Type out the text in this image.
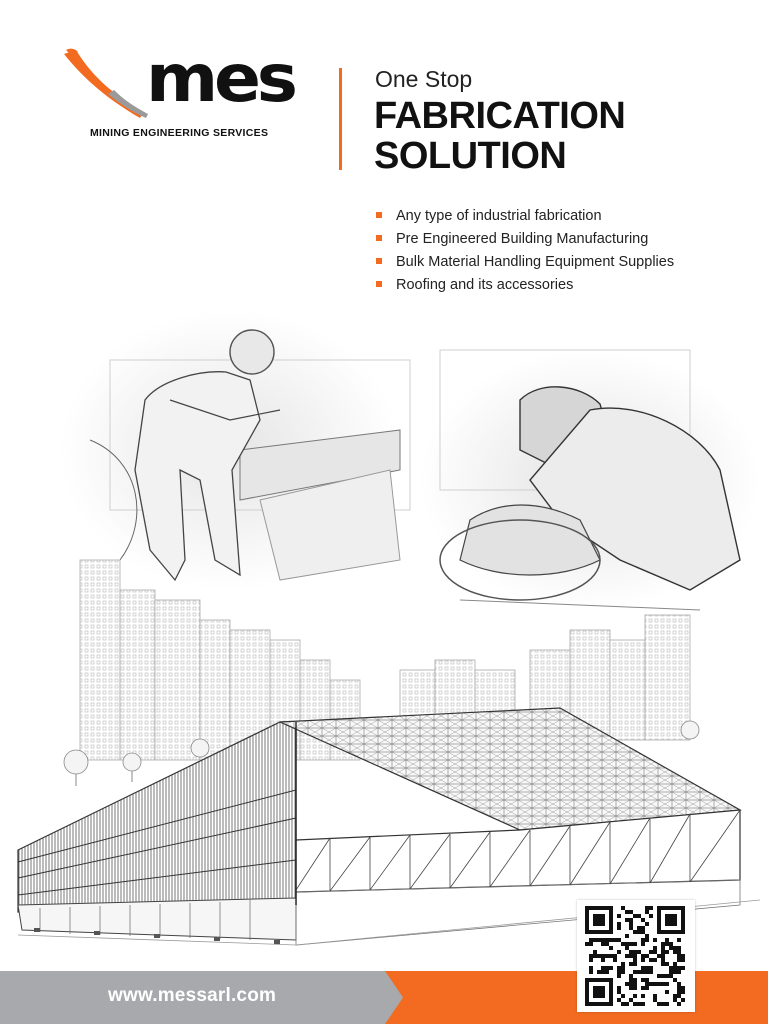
mes
MINING ENGINEERING SERVICES
One Stop
FABRICATION
SOLUTION
Any type of industrial fabrication
Pre Engineered Building Manufacturing
Bulk Material Handling Equipment Supplies
Roofing and its accessories
www.messarl.com
